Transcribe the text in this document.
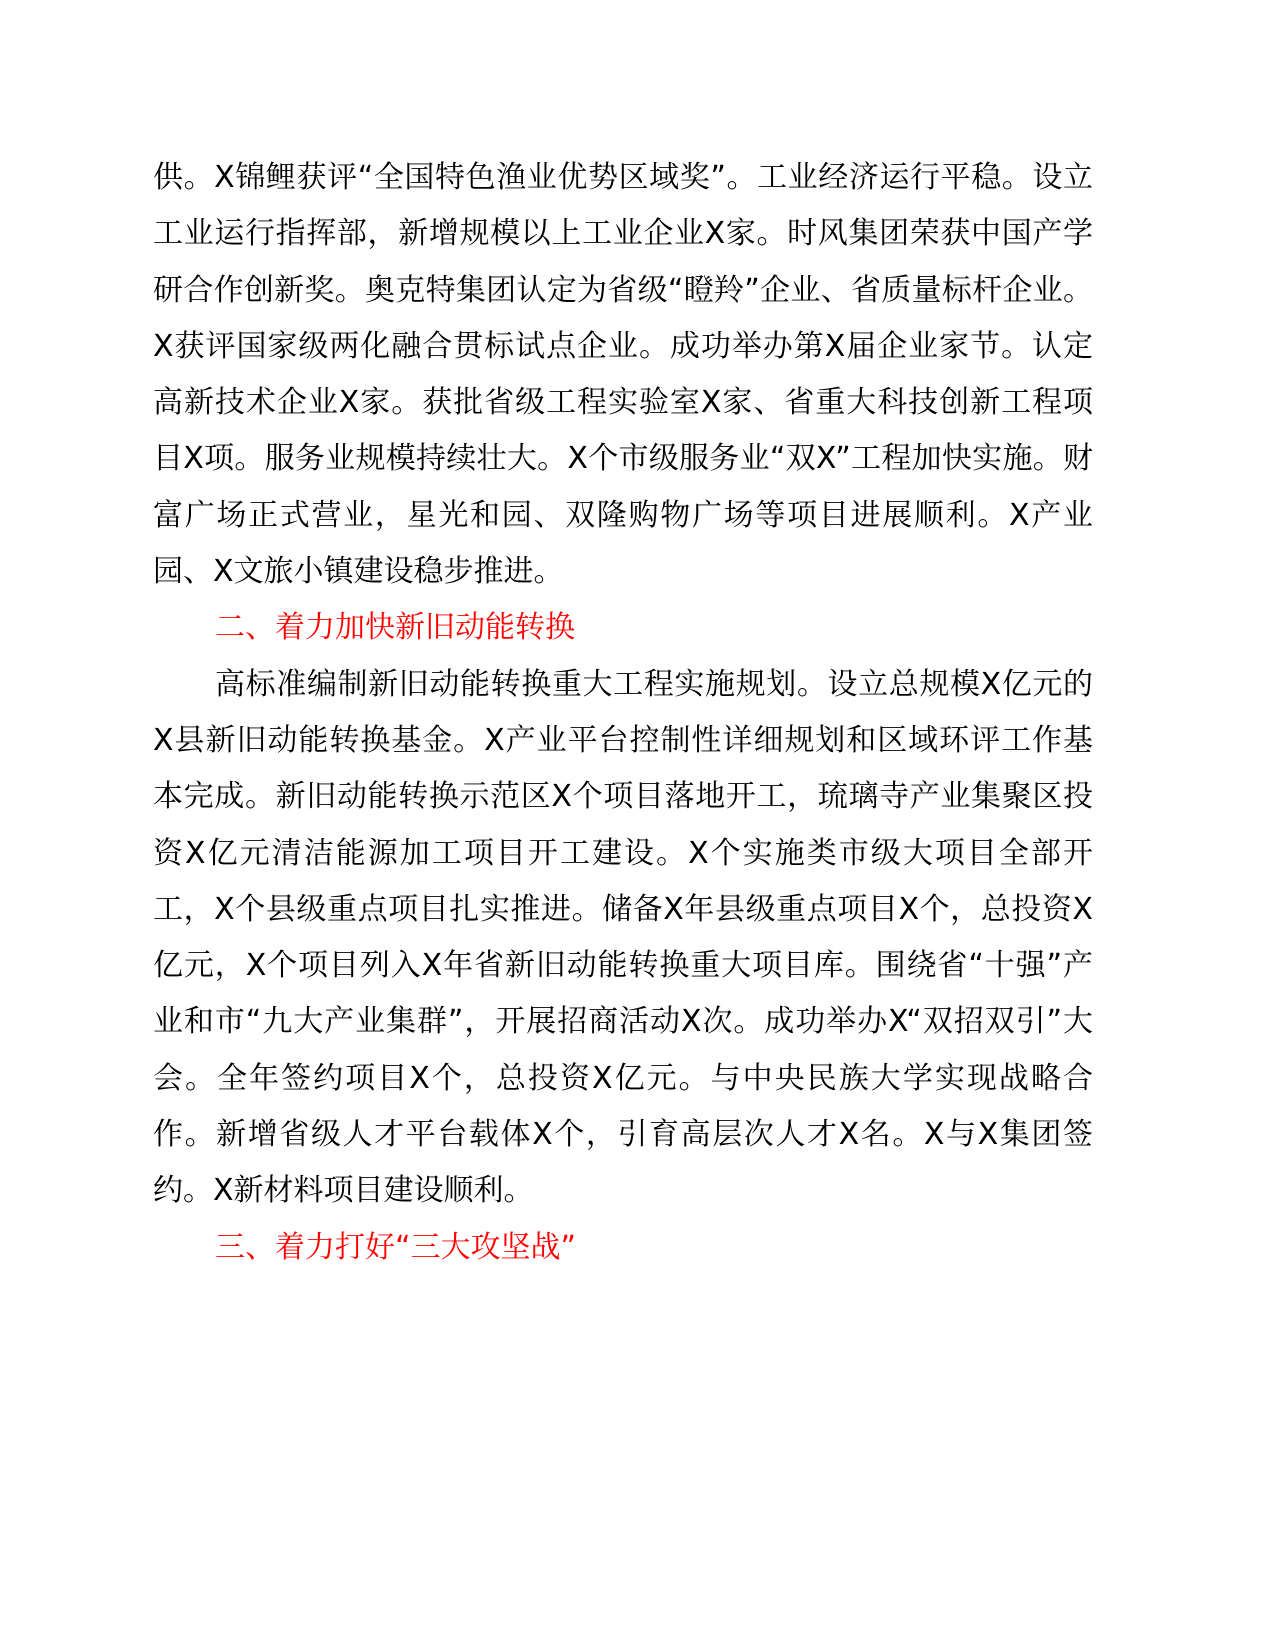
供。X锦鲤获评“全国特色渔业优势区域奖”。工业经济运行平稳。设立工业运行指挥部，新增规模以上工业企业X家。时风集团荣获中国产学研合作创新奖。奥克特集团认定为省级“瞪羚”企业、省质量标杆企业。X获评国家级两化融合贯标试点企业。成功举办第X届企业家节。认定高新技术企业X家。获批省级工程实验室X家、省重大科技创新工程项目X项。服务业规模持续壮大。X个市级服务业“双X”工程加快实施。财富广场正式营业，星光和园、双隆购物广场等项目进展顺利。X产业园、X文旅小镇建设稳步推进。

二、着力加快新旧动能转换

高标准编制新旧动能转换重大工程实施规划。设立总规模X亿元的X县新旧动能转换基金。X产业平台控制性详细规划和区域环评工作基本完成。新旧动能转换示范区X个项目落地开工，琉璃寺产业集聚区投资X亿元清洁能源加工项目开工建设。X个实施类市级大项目全部开工，X个县级重点项目扎实推进。储备X年县级重点项目X个，总投资X亿元，X个项目列入X年省新旧动能转换重大项目库。围绕省“十强”产业和市“九大产业集群”，开展招商活动X次。成功举办X“双招双引”大会。全年签约项目X个，总投资X亿元。与中央民族大学实现战略合作。新增省级人才平台载体X个，引育高层次人才X名。X与X集团签约。X新材料项目建设顺利。

三、着力打好“三大攻坚战”
